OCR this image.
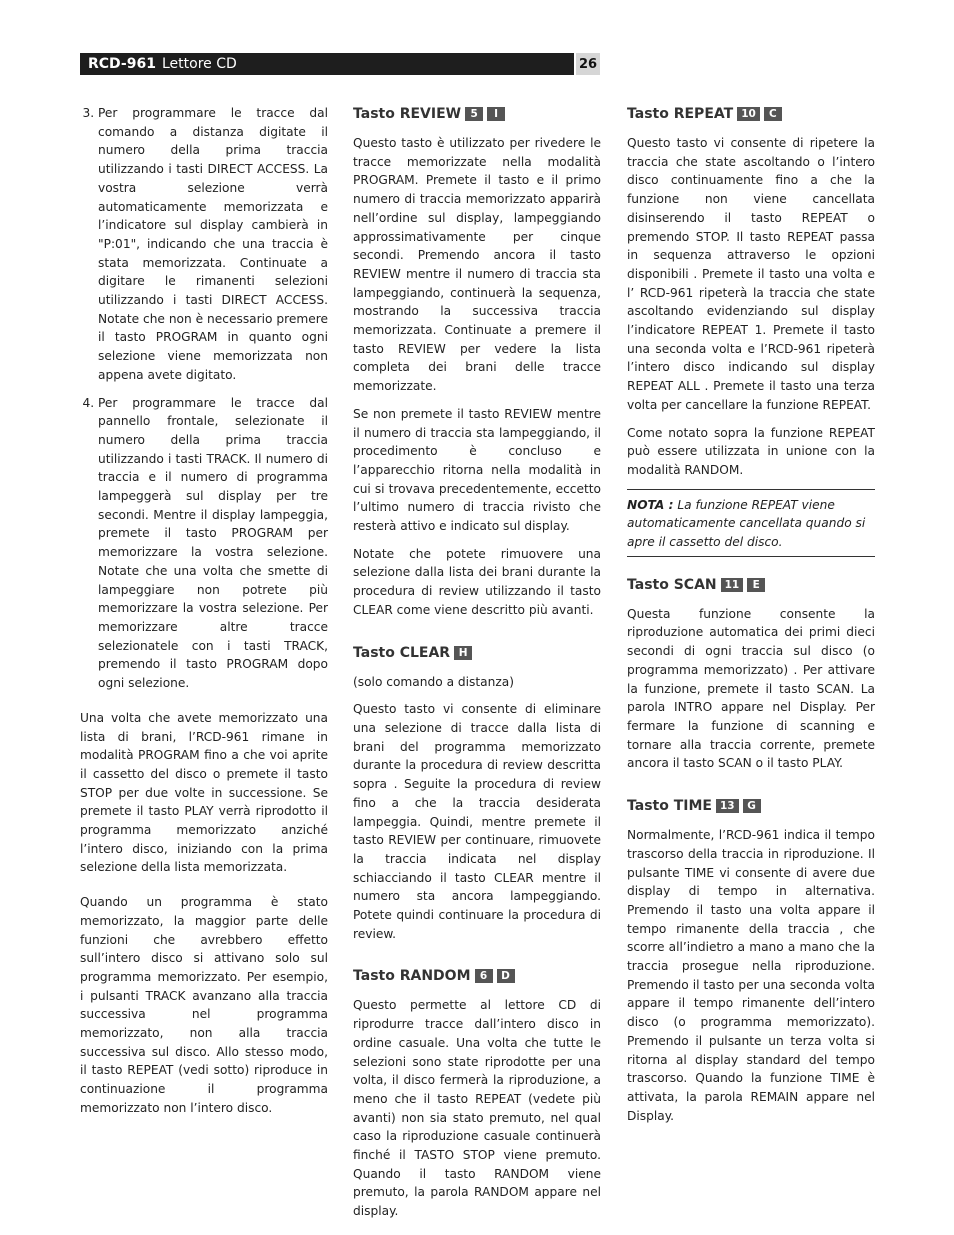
RCD-961 Lettore CD	26
3. Per programmare le tracce dal comando a distanza digitate il numero della prima traccia utilizzando i tasti DIRECT ACCESS. La vostra selezione verrà automaticamente memorizzata e l’indicatore sul display cambierà in "P:01", indicando che una traccia è stata memorizzata. Continuate a digitare le rimanenti selezioni utilizzando i tasti DIRECT ACCESS. Notate che non è necessario premere il tasto PROGRAM in quanto ogni selezione viene memorizzata non appena avete digitato.
4. Per programmare le tracce dal pannello frontale, selezionate il numero della prima traccia utilizzando i tasti TRACK. Il numero di traccia e il numero di programma lampeggerà sul display per tre secondi. Mentre il display lampeggia, premete il tasto PROGRAM per memorizzare la vostra selezione. Notate che una volta che smette di lampeggiare non potrete più memorizzare la vostra selezione. Per memorizzare altre tracce selezionatele con i tasti TRACK, premendo il tasto PROGRAM dopo ogni selezione.

Una volta che avete memorizzato una lista di brani, l’RCD-961 rimane in modalità PROGRAM fino a che voi aprite il cassetto del disco o premete il tasto STOP per due volte in successione. Se premete il tasto PLAY verrà riprodotto il programma memorizzato anziché l’intero disco, iniziando con la prima selezione della lista memorizzata.

Quando un programma è stato memorizzato, la maggior parte delle funzioni che avrebbero effetto sull’intero disco si attivano solo sul programma memorizzato. Per esempio, i pulsanti TRACK avanzano alla traccia successiva nel programma memorizzato, non alla traccia successiva sul disco. Allo stesso modo, il tasto REPEAT (vedi sotto) riproduce in continuazione il programma memorizzato non l’intero disco.

Tasto REVIEW 5	I

Questo tasto è utilizzato per rivedere le tracce memorizzate nella modalità PROGRAM. Premete il tasto e il primo numero di traccia memorizzato apparirà nell’ordine sul display, lampeggiando approssimativamente per cinque secondi. Premendo ancora il tasto REVIEW mentre il numero di traccia sta lampeggiando, continuerà la sequenza, mostrando la successiva traccia memorizzata. Continuate a premere il tasto REVIEW per vedere la lista completa dei brani delle tracce memorizzate.

Se non premete il tasto REVIEW mentre il numero di traccia sta lampeggiando, il procedimento è concluso e l’apparecchio ritorna nella modalità in cui si trovava precedentemente, eccetto l’ultimo numero di traccia rivisto che resterà attivo e indicato sul display.

Notate che potete rimuovere una selezione dalla lista dei brani durante la procedura di review utilizzando il tasto CLEAR come viene descritto più avanti.

Tasto CLEAR H

(solo comando a distanza)

Questo tasto vi consente di eliminare una selezione di tracce dalla lista di brani del programma memorizzato durante la procedura di review descritta sopra . Seguite la procedura di review fino a che la traccia desiderata lampeggia. Quindi, mentre premete il tasto REVIEW per continuare, rimuovete la traccia indicata nel display schiacciando il tasto CLEAR mentre il numero sta ancora lampeggiando. Potete quindi continuare la procedura di review.

Tasto RANDOM 6	D

Questo permette al lettore CD di riprodurre tracce dall’intero disco in ordine casuale. Una volta che tutte le selezioni sono state riprodotte per una volta, il disco fermerà la riproduzione, a meno che il tasto REPEAT (vedete più avanti) non sia stato premuto, nel qual caso la riproduzione casuale continuerà finché il TASTO STOP viene premuto. Quando il tasto RANDOM viene premuto, la parola RANDOM appare nel display.

Tasto REPEAT 10	C

Questo tasto vi consente di ripetere la traccia che state ascoltando o l’intero disco continuamente fino a che la funzione non viene cancellata disinserendo il tasto REPEAT o premendo STOP. Il tasto REPEAT passa in sequenza attraverso le opzioni disponibili . Premete il tasto una volta e l’ RCD-961 ripeterà la traccia che state ascoltando evidenziando sul display l’indicatore REPEAT 1. Premete il tasto una seconda volta e l’RCD-961 ripeterà l’intero disco indicando sul display REPEAT ALL . Premete il tasto una terza volta per cancellare la funzione REPEAT.

Come notato sopra la funzione REPEAT può essere utilizzata in unione con la modalità RANDOM.

NOTA : La funzione REPEAT viene automaticamente cancellata quando si apre il cassetto del disco.
Tasto SCAN 11	E

Questa funzione consente la riproduzione automatica dei primi dieci secondi di ogni traccia sul disco (o programma memorizzato) . Per attivare la funzione, premete il tasto SCAN. La parola INTRO appare nel Display. Per fermare la funzione di scanning e tornare alla traccia corrente, premete ancora il tasto SCAN o il tasto PLAY.

Tasto TIME 13	G

Normalmente, l’RCD-961 indica il tempo trascorso della traccia in riproduzione. Il pulsante TIME vi consente di avere due display di tempo in alternativa. Premendo il tasto una volta appare il tempo rimanente della traccia , che scorre all’indietro a mano a mano che la traccia prosegue nella riproduzione. Premendo il tasto per una seconda volta appare il tempo rimanente dell’intero disco (o programma memorizzato). Premendo il pulsante un terza volta si ritorna al display standard del tempo trascorso. Quando la funzione TIME è attivata, la parola REMAIN appare nel Display.
